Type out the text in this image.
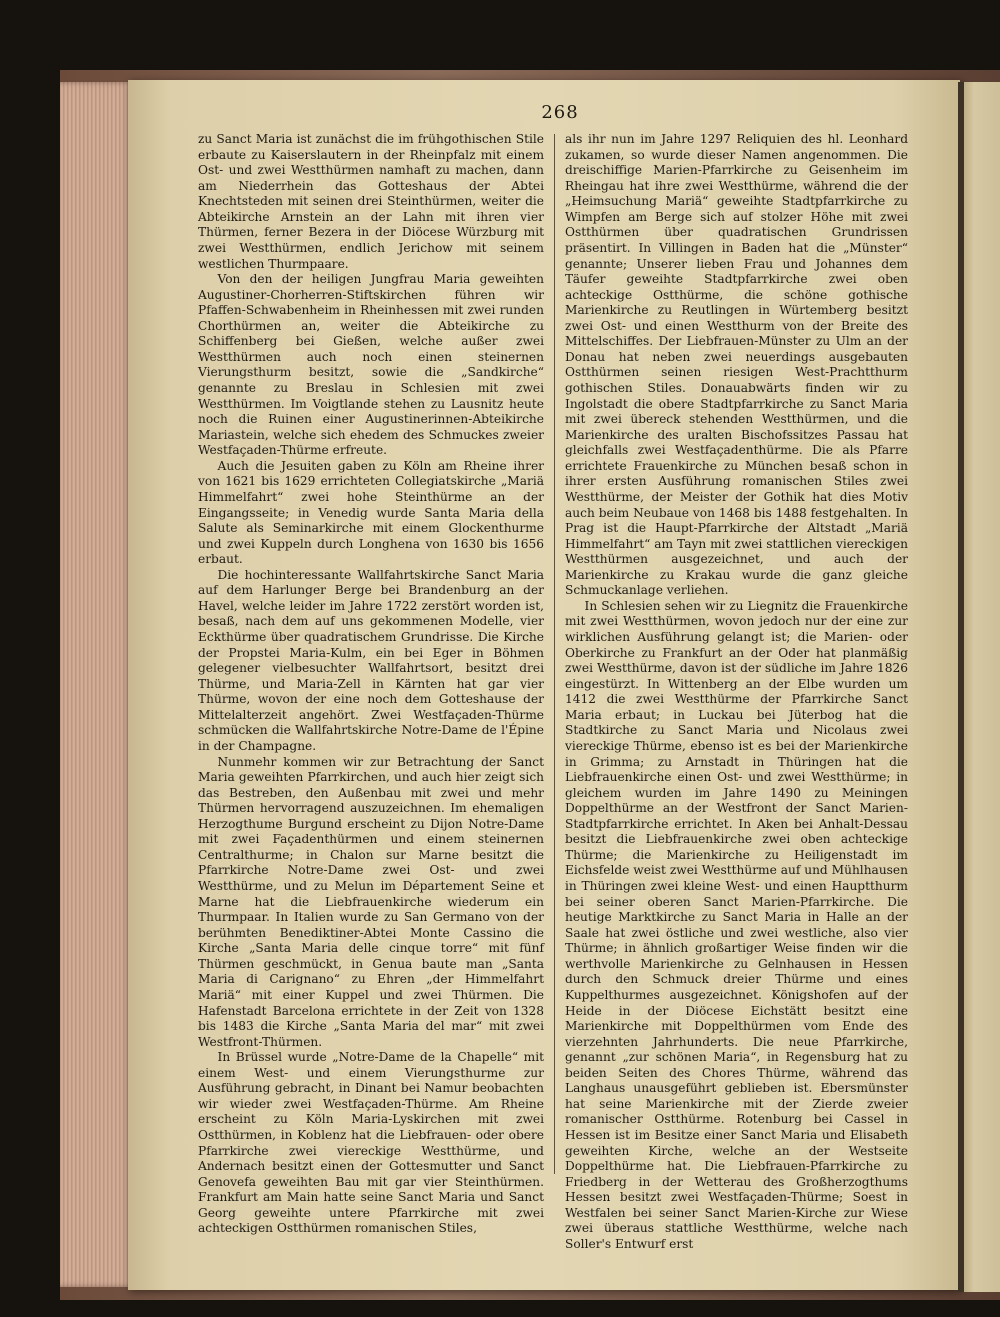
268

zu Sanct Maria ist zunächst die im frühgothischen Stile erbaute zu Kaiserslautern in der Rheinpfalz mit einem Ost- und zwei Westthürmen namhaft zu machen, dann am Niederrhein das Gotteshaus der Abtei Knechtsteden mit seinen drei Steinthürmen, weiter die Abteikirche Arnstein an der Lahn mit ihren vier Thürmen, ferner Bezera in der Diöcese Würzburg mit zwei Westthürmen, endlich Jerichow mit seinem westlichen Thurmpaare.

Von den der heiligen Jungfrau Maria geweihten Augustiner-Chorherren-Stiftskirchen führen wir Pfaffen-Schwabenheim in Rheinhessen mit zwei runden Chorthürmen an, weiter die Abteikirche zu Schiffenberg bei Gießen, welche außer zwei Westthürmen auch noch einen steinernen Vierungsthurm besitzt, sowie die „Sandkirche“ genannte zu Breslau in Schlesien mit zwei Westthürmen. Im Voigtlande stehen zu Lausnitz heute noch die Ruinen einer Augustinerinnen-Abteikirche Mariastein, welche sich ehedem des Schmuckes zweier Westfaçaden-Thürme erfreute.

Auch die Jesuiten gaben zu Köln am Rheine ihrer von 1621 bis 1629 errichteten Collegiatskirche „Mariä Himmelfahrt“ zwei hohe Steinthürme an der Eingangsseite; in Venedig wurde Santa Maria della Salute als Seminarkirche mit einem Glockenthurme und zwei Kuppeln durch Longhena von 1630 bis 1656 erbaut.

Die hochinteressante Wallfahrtskirche Sanct Maria auf dem Harlunger Berge bei Brandenburg an der Havel, welche leider im Jahre 1722 zerstört worden ist, besaß, nach dem auf uns gekommenen Modelle, vier Eckthürme über quadratischem Grundrisse. Die Kirche der Propstei Maria-Kulm, ein bei Eger in Böhmen gelegener vielbesuchter Wallfahrtsort, besitzt drei Thürme, und Maria-Zell in Kärnten hat gar vier Thürme, wovon der eine noch dem Gotteshause der Mittelalterzeit angehört. Zwei Westfaçaden-Thürme schmücken die Wallfahrtskirche Notre-Dame de l'Épine in der Champagne.

Nunmehr kommen wir zur Betrachtung der Sanct Maria geweihten Pfarrkirchen, und auch hier zeigt sich das Bestreben, den Außenbau mit zwei und mehr Thürmen hervorragend auszuzeichnen. Im ehemaligen Herzogthume Burgund erscheint zu Dijon Notre-Dame mit zwei Façadenthürmen und einem steinernen Centralthurme; in Chalon sur Marne besitzt die Pfarrkirche Notre-Dame zwei Ost- und zwei Westthürme, und zu Melun im Département Seine et Marne hat die Liebfrauenkirche wiederum ein Thurmpaar. In Italien wurde zu San Germano von der berühmten Benediktiner-Abtei Monte Cassino die Kirche „Santa Maria delle cinque torre“ mit fünf Thürmen geschmückt, in Genua baute man „Santa Maria di Carignano“ zu Ehren „der Himmelfahrt Mariä“ mit einer Kuppel und zwei Thürmen. Die Hafenstadt Barcelona errichtete in der Zeit von 1328 bis 1483 die Kirche „Santa Maria del mar“ mit zwei Westfront-Thürmen.

In Brüssel wurde „Notre-Dame de la Chapelle“ mit einem West- und einem Vierungsthurme zur Ausführung gebracht, in Dinant bei Namur beobachten wir wieder zwei Westfaçaden-Thürme. Am Rheine erscheint zu Köln Maria-Lyskirchen mit zwei Ostthürmen, in Koblenz hat die Liebfrauen- oder obere Pfarrkirche zwei viereckige Westthürme, und Andernach besitzt einen der Gottesmutter und Sanct Genovefa geweihten Bau mit gar vier Steinthürmen. Frankfurt am Main hatte seine Sanct Maria und Sanct Georg geweihte untere Pfarrkirche mit zwei achteckigen Ostthürmen romanischen Stiles,

als ihr nun im Jahre 1297 Reliquien des hl. Leonhard zukamen, so wurde dieser Namen angenommen. Die dreischiffige Marien-Pfarrkirche zu Geisenheim im Rheingau hat ihre zwei Westthürme, während die der „Heimsuchung Mariä“ geweihte Stadtpfarrkirche zu Wimpfen am Berge sich auf stolzer Höhe mit zwei Ostthürmen über quadratischen Grundrissen präsentirt. In Villingen in Baden hat die „Münster“ genannte; Unserer lieben Frau und Johannes dem Täufer geweihte Stadtpfarrkirche zwei oben achteckige Ostthürme, die schöne gothische Marienkirche zu Reutlingen in Würtemberg besitzt zwei Ost- und einen Westthurm von der Breite des Mittelschiffes. Der Liebfrauen-Münster zu Ulm an der Donau hat neben zwei neuerdings ausgebauten Ostthürmen seinen riesigen West-Prachtthurm gothischen Stiles. Donauabwärts finden wir zu Ingolstadt die obere Stadtpfarrkirche zu Sanct Maria mit zwei übereck stehenden Westthürmen, und die Marienkirche des uralten Bischofssitzes Passau hat gleichfalls zwei Westfaçadenthürme. Die als Pfarre errichtete Frauenkirche zu München besaß schon in ihrer ersten Ausführung romanischen Stiles zwei Westthürme, der Meister der Gothik hat dies Motiv auch beim Neubaue von 1468 bis 1488 festgehalten. In Prag ist die Haupt-Pfarrkirche der Altstadt „Mariä Himmelfahrt“ am Tayn mit zwei stattlichen viereckigen Westthürmen ausgezeichnet, und auch der Marienkirche zu Krakau wurde die ganz gleiche Schmuckanlage verliehen.

In Schlesien sehen wir zu Liegnitz die Frauenkirche mit zwei Westthürmen, wovon jedoch nur der eine zur wirklichen Ausführung gelangt ist; die Marien- oder Oberkirche zu Frankfurt an der Oder hat planmäßig zwei Westthürme, davon ist der südliche im Jahre 1826 eingestürzt. In Wittenberg an der Elbe wurden um 1412 die zwei Westthürme der Pfarrkirche Sanct Maria erbaut; in Luckau bei Jüterbog hat die Stadtkirche zu Sanct Maria und Nicolaus zwei viereckige Thürme, ebenso ist es bei der Marienkirche in Grimma; zu Arnstadt in Thüringen hat die Liebfrauenkirche einen Ost- und zwei Westthürme; in gleichem wurden im Jahre 1490 zu Meiningen Doppelthürme an der Westfront der Sanct Marien-Stadtpfarrkirche errichtet. In Aken bei Anhalt-Dessau besitzt die Liebfrauenkirche zwei oben achteckige Thürme; die Marienkirche zu Heiligenstadt im Eichsfelde weist zwei Westthürme auf und Mühlhausen in Thüringen zwei kleine West- und einen Hauptthurm bei seiner oberen Sanct Marien-Pfarrkirche. Die heutige Marktkirche zu Sanct Maria in Halle an der Saale hat zwei östliche und zwei westliche, also vier Thürme; in ähnlich großartiger Weise finden wir die werthvolle Marienkirche zu Gelnhausen in Hessen durch den Schmuck dreier Thürme und eines Kuppelthurmes ausgezeichnet. Königshofen auf der Heide in der Diöcese Eichstätt besitzt eine Marienkirche mit Doppelthürmen vom Ende des vierzehnten Jahrhunderts. Die neue Pfarrkirche, genannt „zur schönen Maria“, in Regensburg hat zu beiden Seiten des Chores Thürme, während das Langhaus unausgeführt geblieben ist. Ebersmünster hat seine Marienkirche mit der Zierde zweier romanischer Ostthürme. Rotenburg bei Cassel in Hessen ist im Besitze einer Sanct Maria und Elisabeth geweihten Kirche, welche an der Westseite Doppelthürme hat. Die Liebfrauen-Pfarrkirche zu Friedberg in der Wetterau des Großherzogthums Hessen besitzt zwei Westfaçaden-Thürme; Soest in Westfalen bei seiner Sanct Marien-Kirche zur Wiese zwei überaus stattliche Westthürme, welche nach Soller's Entwurf erst
